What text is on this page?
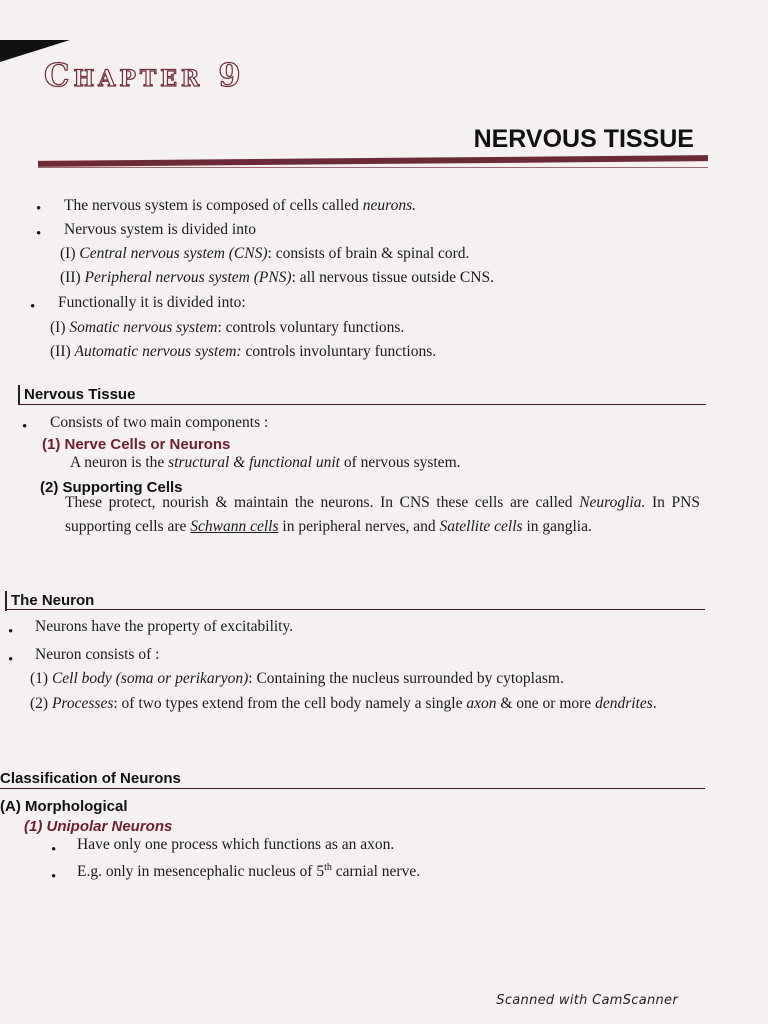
Chapter 9
NERVOUS TISSUE
• The nervous system is composed of cells called neurons.
• Nervous system is divided into
(I) Central nervous system (CNS): consists of brain & spinal cord.
(II) Peripheral nervous system (PNS): all nervous tissue outside CNS.
• Functionally it is divided into:
(I) Somatic nervous system: controls voluntary functions.
(II) Automatic nervous system: controls involuntary functions.
Nervous Tissue
• Consists of two main components :
(1) Nerve Cells or Neurons
A neuron is the structural & functional unit of nervous system.
(2) Supporting Cells
These protect, nourish & maintain the neurons. In CNS these cells are called Neuroglia. In PNS supporting cells are Schwann cells in peripheral nerves, and Satellite cells in ganglia.
The Neuron
• Neurons have the property of excitability.
• Neuron consists of :
(1) Cell body (soma or perikaryon): Containing the nucleus surrounded by cytoplasm.
(2) Processes: of two types extend from the cell body namely a single axon & one or more dendrites.
Classification of Neurons
(A) Morphological
(1) Unipolar Neurons
• Have only one process which functions as an axon.
• E.g. only in mesencephalic nucleus of 5th carnial nerve.
Scanned with CamScanner
